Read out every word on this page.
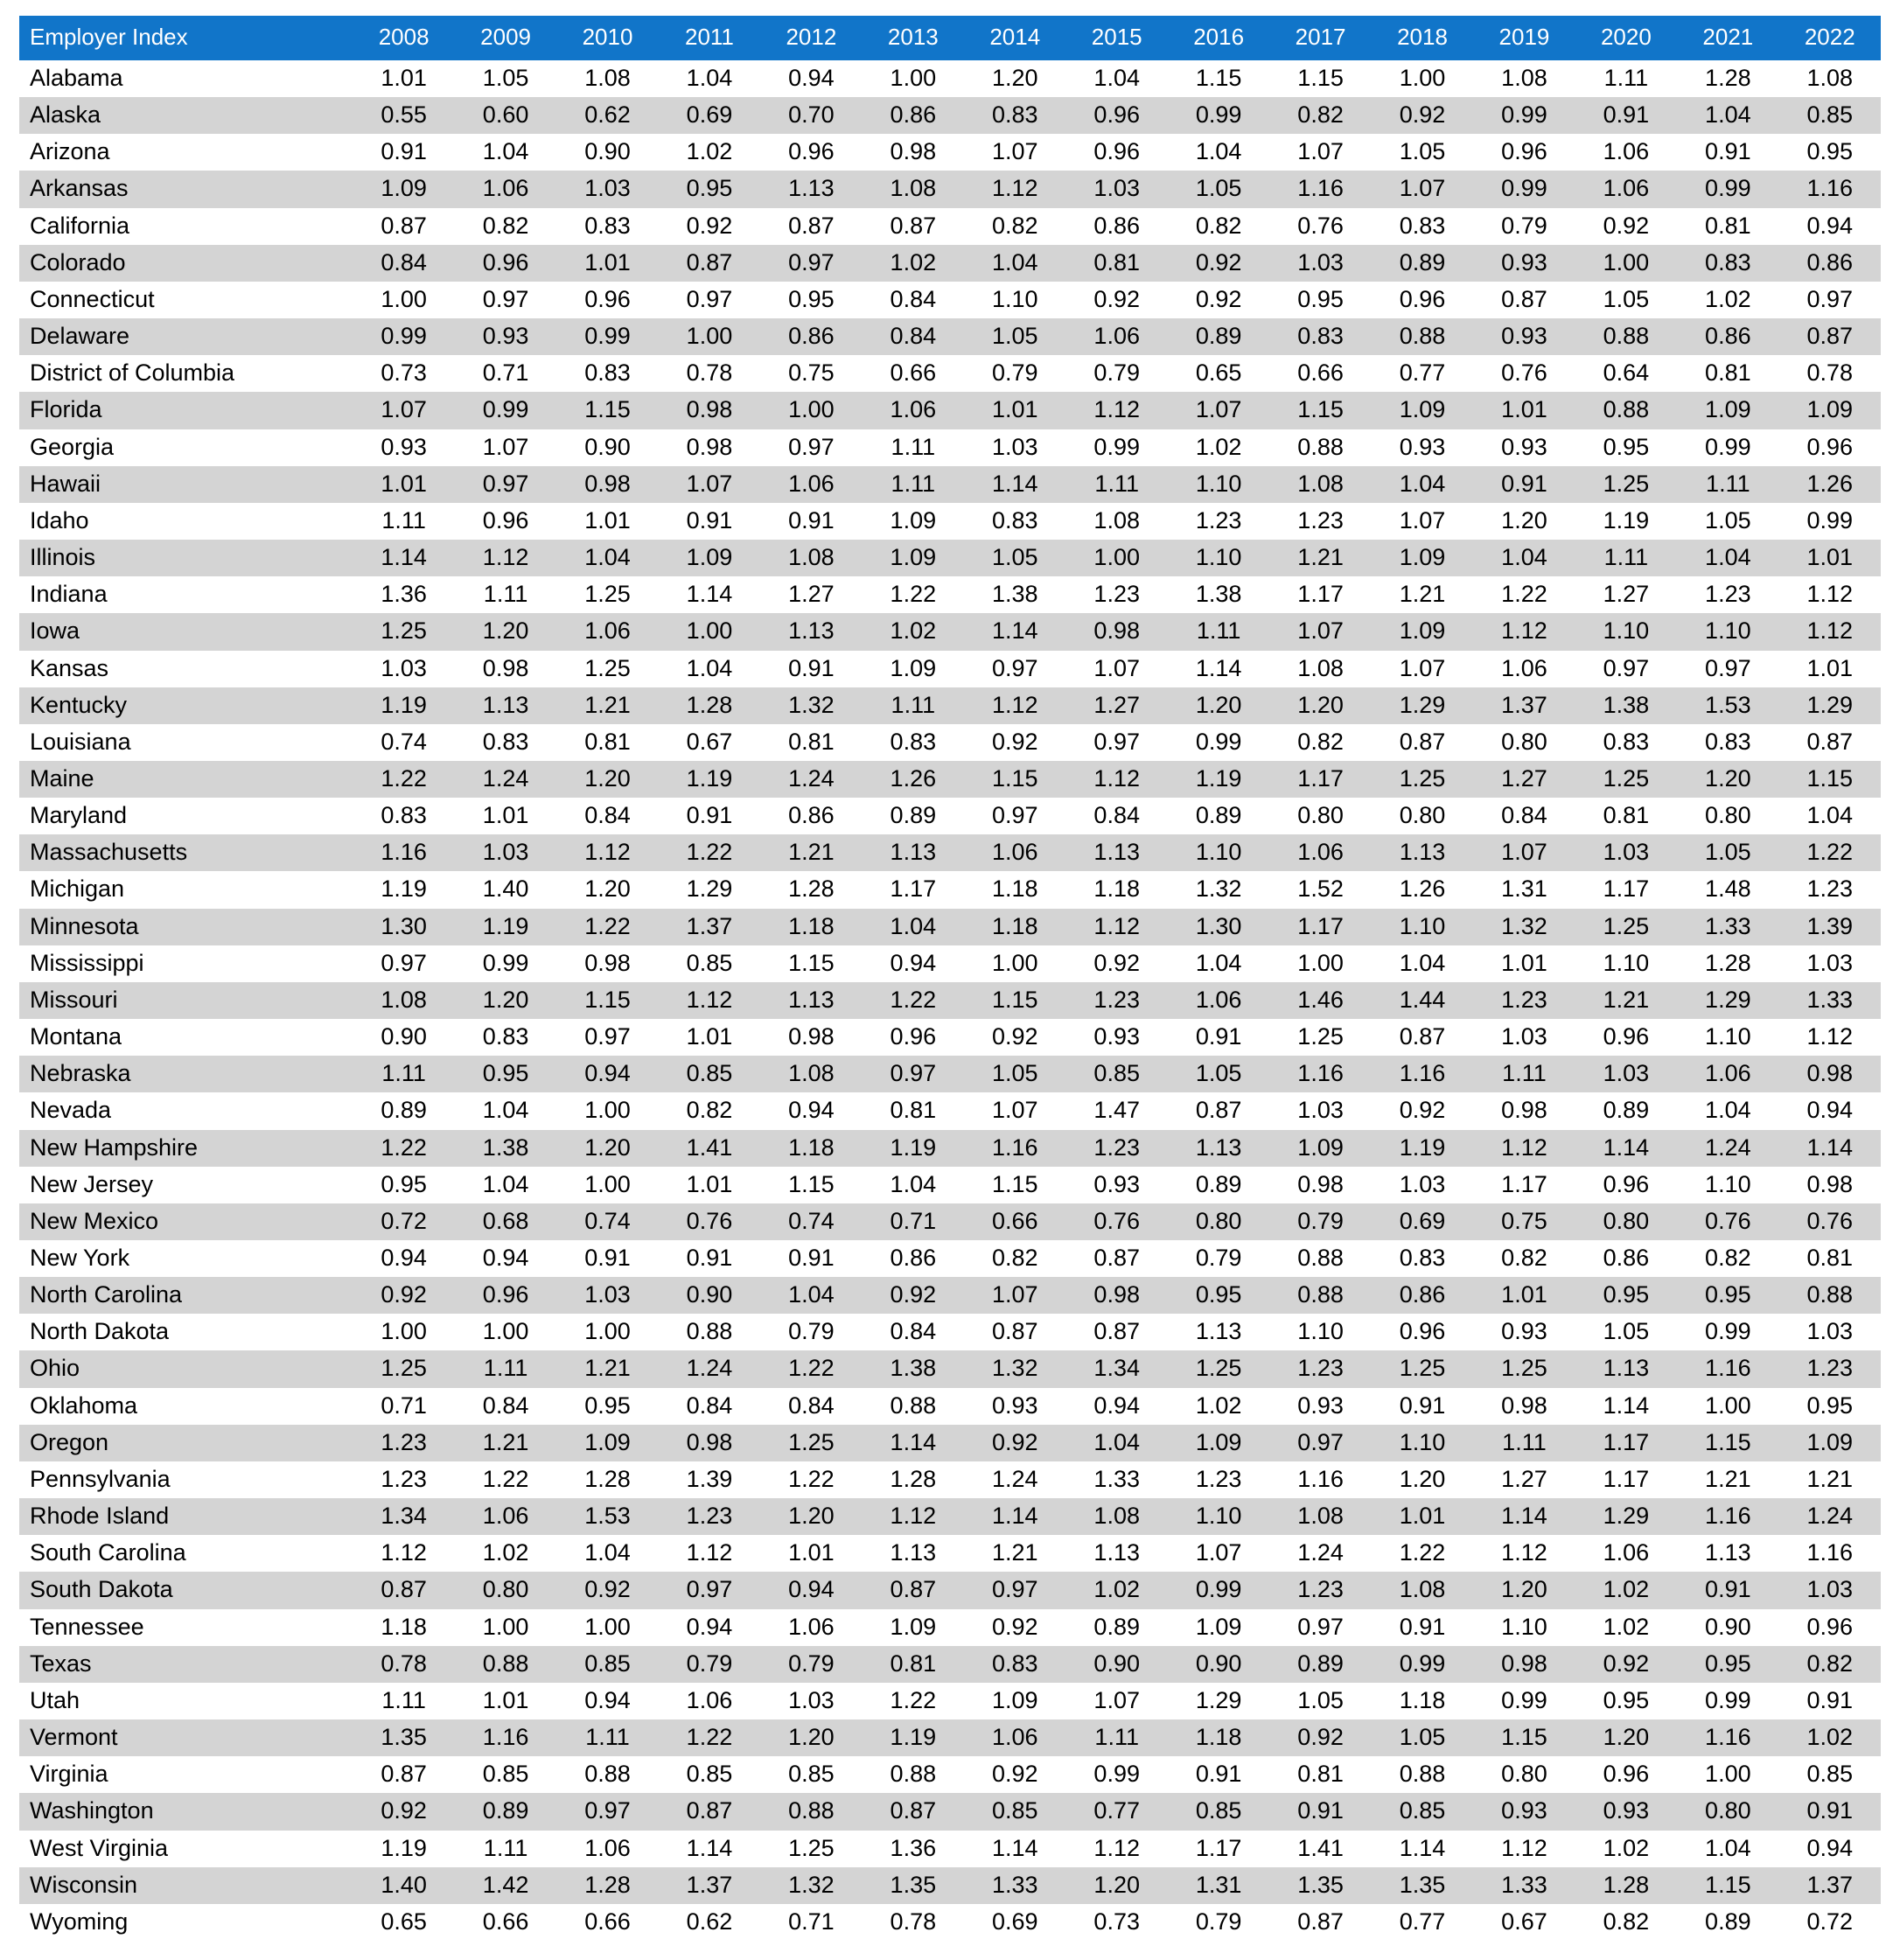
Employer Index	2008	2009	2010	2011	2012	2013	2014	2015	2016	2017	2018	2019	2020	2021	2022
Alabama	1.01	1.05	1.08	1.04	0.94	1.00	1.20	1.04	1.15	1.15	1.00	1.08	1.11	1.28	1.08
Alaska	0.55	0.60	0.62	0.69	0.70	0.86	0.83	0.96	0.99	0.82	0.92	0.99	0.91	1.04	0.85
Arizona	0.91	1.04	0.90	1.02	0.96	0.98	1.07	0.96	1.04	1.07	1.05	0.96	1.06	0.91	0.95
Arkansas	1.09	1.06	1.03	0.95	1.13	1.08	1.12	1.03	1.05	1.16	1.07	0.99	1.06	0.99	1.16
California	0.87	0.82	0.83	0.92	0.87	0.87	0.82	0.86	0.82	0.76	0.83	0.79	0.92	0.81	0.94
Colorado	0.84	0.96	1.01	0.87	0.97	1.02	1.04	0.81	0.92	1.03	0.89	0.93	1.00	0.83	0.86
Connecticut	1.00	0.97	0.96	0.97	0.95	0.84	1.10	0.92	0.92	0.95	0.96	0.87	1.05	1.02	0.97
Delaware	0.99	0.93	0.99	1.00	0.86	0.84	1.05	1.06	0.89	0.83	0.88	0.93	0.88	0.86	0.87
District of Columbia	0.73	0.71	0.83	0.78	0.75	0.66	0.79	0.79	0.65	0.66	0.77	0.76	0.64	0.81	0.78
Florida	1.07	0.99	1.15	0.98	1.00	1.06	1.01	1.12	1.07	1.15	1.09	1.01	0.88	1.09	1.09
Georgia	0.93	1.07	0.90	0.98	0.97	1.11	1.03	0.99	1.02	0.88	0.93	0.93	0.95	0.99	0.96
Hawaii	1.01	0.97	0.98	1.07	1.06	1.11	1.14	1.11	1.10	1.08	1.04	0.91	1.25	1.11	1.26
Idaho	1.11	0.96	1.01	0.91	0.91	1.09	0.83	1.08	1.23	1.23	1.07	1.20	1.19	1.05	0.99
Illinois	1.14	1.12	1.04	1.09	1.08	1.09	1.05	1.00	1.10	1.21	1.09	1.04	1.11	1.04	1.01
Indiana	1.36	1.11	1.25	1.14	1.27	1.22	1.38	1.23	1.38	1.17	1.21	1.22	1.27	1.23	1.12
Iowa	1.25	1.20	1.06	1.00	1.13	1.02	1.14	0.98	1.11	1.07	1.09	1.12	1.10	1.10	1.12
Kansas	1.03	0.98	1.25	1.04	0.91	1.09	0.97	1.07	1.14	1.08	1.07	1.06	0.97	0.97	1.01
Kentucky	1.19	1.13	1.21	1.28	1.32	1.11	1.12	1.27	1.20	1.20	1.29	1.37	1.38	1.53	1.29
Louisiana	0.74	0.83	0.81	0.67	0.81	0.83	0.92	0.97	0.99	0.82	0.87	0.80	0.83	0.83	0.87
Maine	1.22	1.24	1.20	1.19	1.24	1.26	1.15	1.12	1.19	1.17	1.25	1.27	1.25	1.20	1.15
Maryland	0.83	1.01	0.84	0.91	0.86	0.89	0.97	0.84	0.89	0.80	0.80	0.84	0.81	0.80	1.04
Massachusetts	1.16	1.03	1.12	1.22	1.21	1.13	1.06	1.13	1.10	1.06	1.13	1.07	1.03	1.05	1.22
Michigan	1.19	1.40	1.20	1.29	1.28	1.17	1.18	1.18	1.32	1.52	1.26	1.31	1.17	1.48	1.23
Minnesota	1.30	1.19	1.22	1.37	1.18	1.04	1.18	1.12	1.30	1.17	1.10	1.32	1.25	1.33	1.39
Mississippi	0.97	0.99	0.98	0.85	1.15	0.94	1.00	0.92	1.04	1.00	1.04	1.01	1.10	1.28	1.03
Missouri	1.08	1.20	1.15	1.12	1.13	1.22	1.15	1.23	1.06	1.46	1.44	1.23	1.21	1.29	1.33
Montana	0.90	0.83	0.97	1.01	0.98	0.96	0.92	0.93	0.91	1.25	0.87	1.03	0.96	1.10	1.12
Nebraska	1.11	0.95	0.94	0.85	1.08	0.97	1.05	0.85	1.05	1.16	1.16	1.11	1.03	1.06	0.98
Nevada	0.89	1.04	1.00	0.82	0.94	0.81	1.07	1.47	0.87	1.03	0.92	0.98	0.89	1.04	0.94
New Hampshire	1.22	1.38	1.20	1.41	1.18	1.19	1.16	1.23	1.13	1.09	1.19	1.12	1.14	1.24	1.14
New Jersey	0.95	1.04	1.00	1.01	1.15	1.04	1.15	0.93	0.89	0.98	1.03	1.17	0.96	1.10	0.98
New Mexico	0.72	0.68	0.74	0.76	0.74	0.71	0.66	0.76	0.80	0.79	0.69	0.75	0.80	0.76	0.76
New York	0.94	0.94	0.91	0.91	0.91	0.86	0.82	0.87	0.79	0.88	0.83	0.82	0.86	0.82	0.81
North Carolina	0.92	0.96	1.03	0.90	1.04	0.92	1.07	0.98	0.95	0.88	0.86	1.01	0.95	0.95	0.88
North Dakota	1.00	1.00	1.00	0.88	0.79	0.84	0.87	0.87	1.13	1.10	0.96	0.93	1.05	0.99	1.03
Ohio	1.25	1.11	1.21	1.24	1.22	1.38	1.32	1.34	1.25	1.23	1.25	1.25	1.13	1.16	1.23
Oklahoma	0.71	0.84	0.95	0.84	0.84	0.88	0.93	0.94	1.02	0.93	0.91	0.98	1.14	1.00	0.95
Oregon	1.23	1.21	1.09	0.98	1.25	1.14	0.92	1.04	1.09	0.97	1.10	1.11	1.17	1.15	1.09
Pennsylvania	1.23	1.22	1.28	1.39	1.22	1.28	1.24	1.33	1.23	1.16	1.20	1.27	1.17	1.21	1.21
Rhode Island	1.34	1.06	1.53	1.23	1.20	1.12	1.14	1.08	1.10	1.08	1.01	1.14	1.29	1.16	1.24
South Carolina	1.12	1.02	1.04	1.12	1.01	1.13	1.21	1.13	1.07	1.24	1.22	1.12	1.06	1.13	1.16
South Dakota	0.87	0.80	0.92	0.97	0.94	0.87	0.97	1.02	0.99	1.23	1.08	1.20	1.02	0.91	1.03
Tennessee	1.18	1.00	1.00	0.94	1.06	1.09	0.92	0.89	1.09	0.97	0.91	1.10	1.02	0.90	0.96
Texas	0.78	0.88	0.85	0.79	0.79	0.81	0.83	0.90	0.90	0.89	0.99	0.98	0.92	0.95	0.82
Utah	1.11	1.01	0.94	1.06	1.03	1.22	1.09	1.07	1.29	1.05	1.18	0.99	0.95	0.99	0.91
Vermont	1.35	1.16	1.11	1.22	1.20	1.19	1.06	1.11	1.18	0.92	1.05	1.15	1.20	1.16	1.02
Virginia	0.87	0.85	0.88	0.85	0.85	0.88	0.92	0.99	0.91	0.81	0.88	0.80	0.96	1.00	0.85
Washington	0.92	0.89	0.97	0.87	0.88	0.87	0.85	0.77	0.85	0.91	0.85	0.93	0.93	0.80	0.91
West Virginia	1.19	1.11	1.06	1.14	1.25	1.36	1.14	1.12	1.17	1.41	1.14	1.12	1.02	1.04	0.94
Wisconsin	1.40	1.42	1.28	1.37	1.32	1.35	1.33	1.20	1.31	1.35	1.35	1.33	1.28	1.15	1.37
Wyoming	0.65	0.66	0.66	0.62	0.71	0.78	0.69	0.73	0.79	0.87	0.77	0.67	0.82	0.89	0.72
